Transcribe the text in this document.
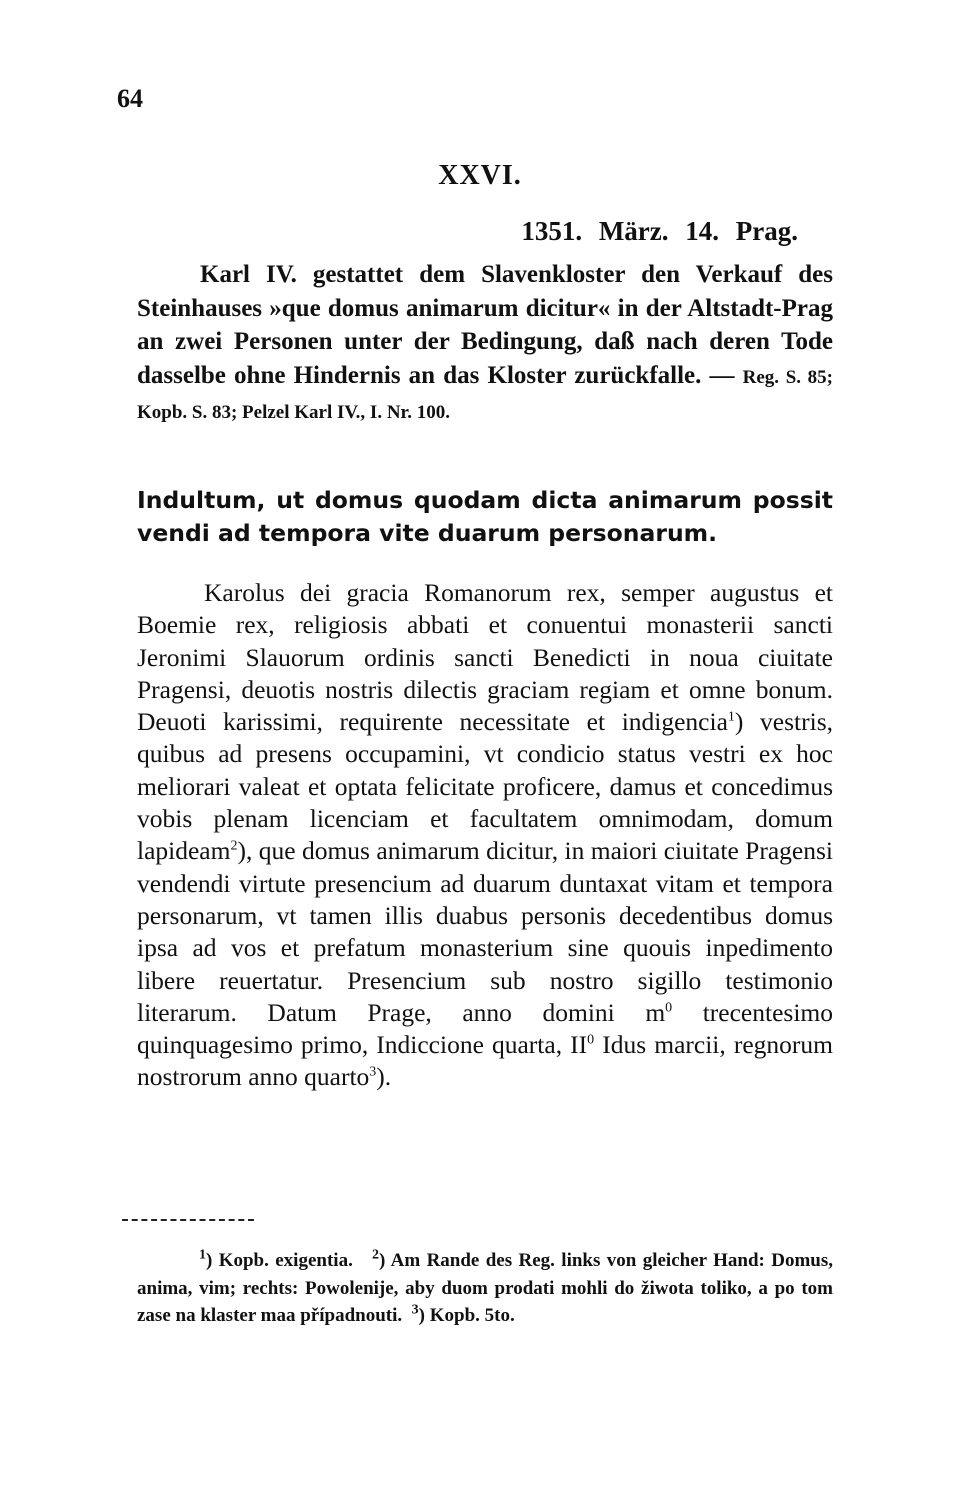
64
XXVI.
1351. März. 14. Prag.
Karl IV. gestattet dem Slavenkloster den Verkauf des Steinhauses »que domus animarum dicitur« in der Altstadt-Prag an zwei Personen unter der Bedingung, daß nach deren Tode dasselbe ohne Hindernis an das Kloster zurückfalle. — Reg. S. 85; Kopb. S. 83; Pelzel Karl IV., I. Nr. 100.
Indultum, ut domus quodam dicta animarum possit vendi ad tempora vite duarum personarum.
Karolus dei gracia Romanorum rex, semper augustus et Boemie rex, religiosis abbati et conuentui monasterii sancti Jeronimi Slauorum ordinis sancti Benedicti in noua ciuitate Pragensi, deuotis nostris dilectis graciam regiam et omne bonum. Deuoti karissimi, requirente necessitate et indigencia$^1$) vestris, quibus ad presens occupamini, vt condicio status vestri ex hoc meliorari valeat et optata felicitate proficere, damus et concedimus vobis plenam licenciam et facultatem omnimodam, domum lapideam$^2$), que domus animarum dicitur, in maiori ciuitate Pragensi vendendi virtute presencium ad duarum duntaxat vitam et tempora personarum, vt tamen illis duabus personis decedentibus domus ipsa ad vos et prefatum monasterium sine quouis inpedimento libere reuertatur. Presencium sub nostro sigillo testimonio literarum. Datum Prage, anno domini $m^0$ trecentesimo quinquagesimo primo, Indiccione quarta, $II^0$ Idus marcii, regnorum nostrorum anno quarto$^3$).
$^1$) Kopb. exigentia. $^2$) Am Rande des Reg. links von gleicher Hand: Domus, anima, vim; rechts: Powolenije, aby duom prodati mohli do žiwota toliko, a po tom zase na klaster maa případnouti. $^3$) Kopb. 5to.
